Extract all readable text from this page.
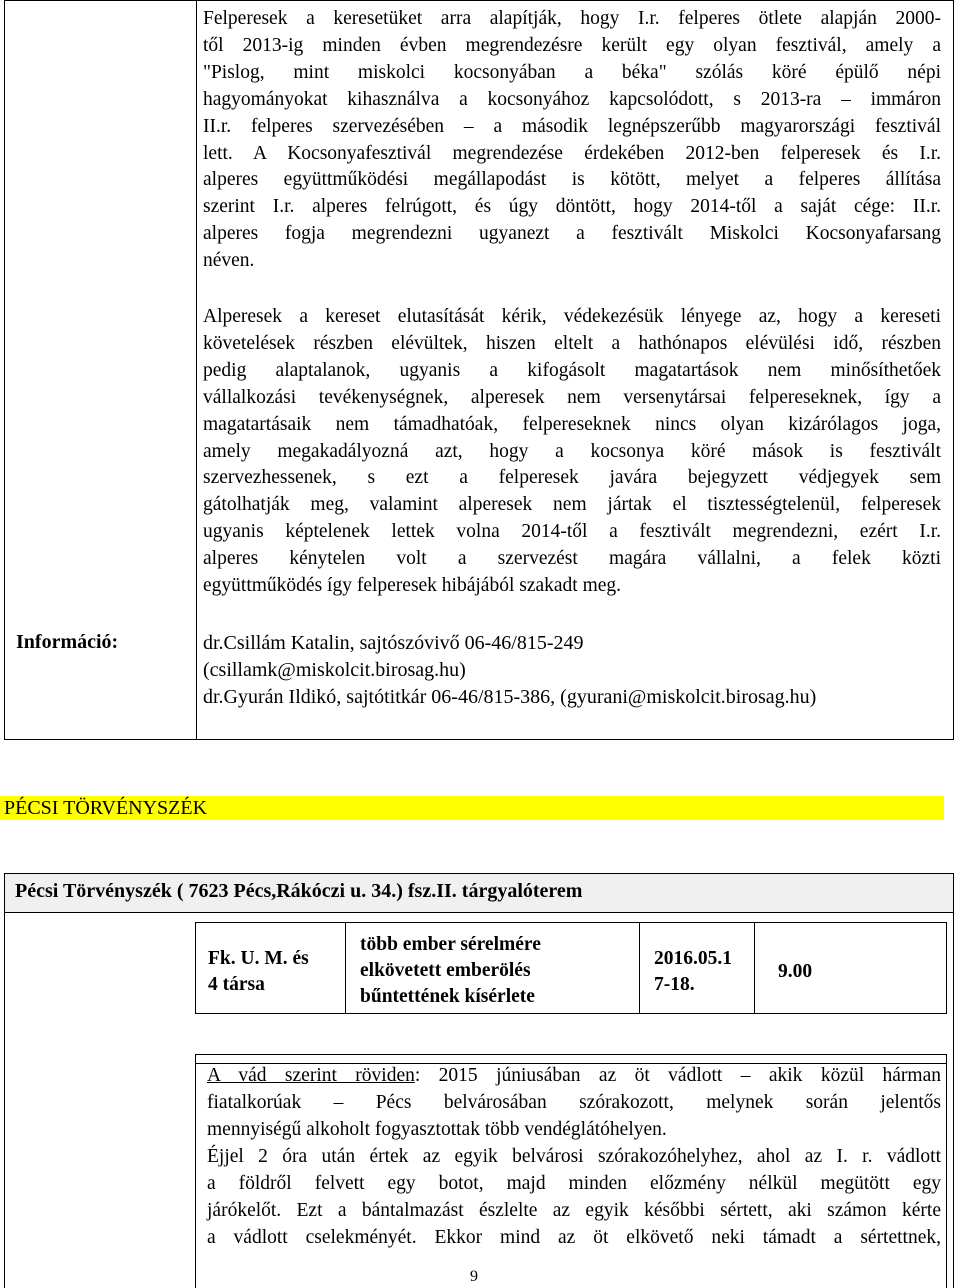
Felperesek a keresetüket arra alapítják, hogy I.r. felperes ötlete alapján 2000-
től 2013-ig minden évben megrendezésre került egy olyan fesztivál, amely a
"Pislog, mint miskolci kocsonyában a béka" szólás köré épülő népi
hagyományokat kihasználva a kocsonyához kapcsolódott, s 2013-ra – immáron
II.r. felperes szervezésében – a második legnépszerűbb magyarországi fesztivál
lett. A Kocsonyafesztivál megrendezése érdekében 2012-ben felperesek és I.r.
alperes együttműködési megállapodást is kötött, melyet a felperes állítása
szerint I.r. alperes felrúgott, és úgy döntött, hogy 2014-től a saját cége: II.r.
alperes fogja megrendezni ugyanezt a fesztivált Miskolci Kocsonyafarsang
néven.
Alperesek a kereset elutasítását kérik, védekezésük lényege az, hogy a kereseti
követelések részben elévültek, hiszen eltelt a hathónapos elévülési idő, részben
pedig alaptalanok, ugyanis a kifogásolt magatartások nem minősíthetőek
vállalkozási tevékenységnek, alperesek nem versenytársai felpereseknek, így a
magatartásaik nem támadhatóak, felpereseknek nincs olyan kizárólagos joga,
amely megakadályozná azt, hogy a kocsonya köré mások is fesztivált
szervezhessenek, s ezt a felperesek javára bejegyzett védjegyek sem
gátolhatják meg, valamint alperesek nem jártak el tisztességtelenül, felperesek
ugyanis képtelenek lettek volna 2014-től a fesztivált megrendezni, ezért I.r.
alperes kénytelen volt a szervezést magára vállalni, a felek közti
együttműködés így felperesek hibájából szakadt meg.
Információ:	dr.Csillám Katalin, sajtószóvivő 06-46/815-249
(csillamk@miskolcit.birosag.hu)
dr.Gyurán Ildikó, sajtótitkár 06-46/815-386, (gyurani@miskolcit.birosag.hu)
PÉCSI TÖRVÉNYSZÉK
Pécsi Törvényszék ( 7623 Pécs,Rákóczi u. 34.) fsz.II. tárgyalóterem
Fk. U. M. és
4 társa
több ember sérelmére
elkövetett emberölés
bűntettének kísérlete
2016.05.1
7-18.
9.00
A vád szerint röviden: 2015 júniusában az öt vádlott – akik közül hárman
fiatalkorúak – Pécs belvárosában szórakozott, melynek során jelentős
mennyiségű alkoholt fogyasztottak több vendéglátóhelyen.
Éjjel 2 óra után értek az egyik belvárosi szórakozóhelyhez, ahol az I. r. vádlott
a földről felvett egy botot, majd minden előzmény nélkül megütött egy
járókelőt. Ezt a bántalmazást észlelte az egyik későbbi sértett, aki számon kérte
a vádlott cselekményét. Ekkor mind az öt elkövető neki támadt a sértettnek,
9
